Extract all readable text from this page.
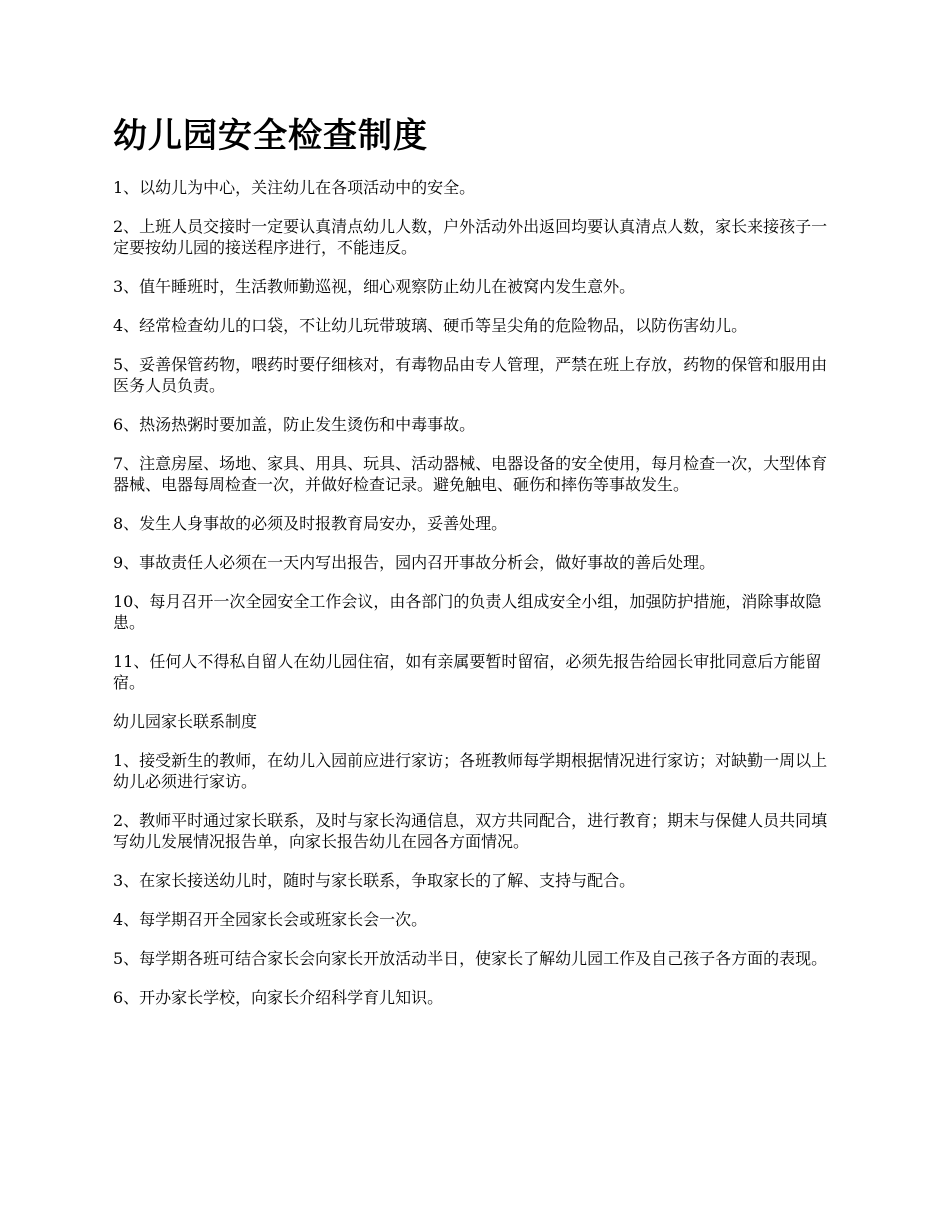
幼儿园安全检查制度

1、以幼儿为中心，关注幼儿在各项活动中的安全。

2、上班人员交接时一定要认真清点幼儿人数，户外活动外出返回均要认真清点人数，家长来接孩子一定要按幼儿园的接送程序进行，不能违反。

3、值午睡班时，生活教师勤巡视，细心观察防止幼儿在被窝内发生意外。

4、经常检查幼儿的口袋，不让幼儿玩带玻璃、硬币等呈尖角的危险物品，以防伤害幼儿。

5、妥善保管药物，喂药时要仔细核对，有毒物品由专人管理，严禁在班上存放，药物的保管和服用由医务人员负责。

6、热汤热粥时要加盖，防止发生烫伤和中毒事故。

7、注意房屋、场地、家具、用具、玩具、活动器械、电器设备的安全使用，每月检查一次，大型体育器械、电器每周检查一次，并做好检查记录。避免触电、砸伤和摔伤等事故发生。

8、发生人身事故的必须及时报教育局安办，妥善处理。

9、事故责任人必须在一天内写出报告，园内召开事故分析会，做好事故的善后处理。

10、每月召开一次全园安全工作会议，由各部门的负责人组成安全小组，加强防护措施，消除事故隐患。

11、任何人不得私自留人在幼儿园住宿，如有亲属要暂时留宿，必须先报告给园长审批同意后方能留宿。

幼儿园家长联系制度

1、接受新生的教师，在幼儿入园前应进行家访；各班教师每学期根据情况进行家访；对缺勤一周以上幼儿必须进行家访。

2、教师平时通过家长联系，及时与家长沟通信息，双方共同配合，进行教育；期末与保健人员共同填写幼儿发展情况报告单，向家长报告幼儿在园各方面情况。

3、在家长接送幼儿时，随时与家长联系，争取家长的了解、支持与配合。

4、每学期召开全园家长会或班家长会一次。

5、每学期各班可结合家长会向家长开放活动半日，使家长了解幼儿园工作及自己孩子各方面的表现。

6、开办家长学校，向家长介绍科学育儿知识。
